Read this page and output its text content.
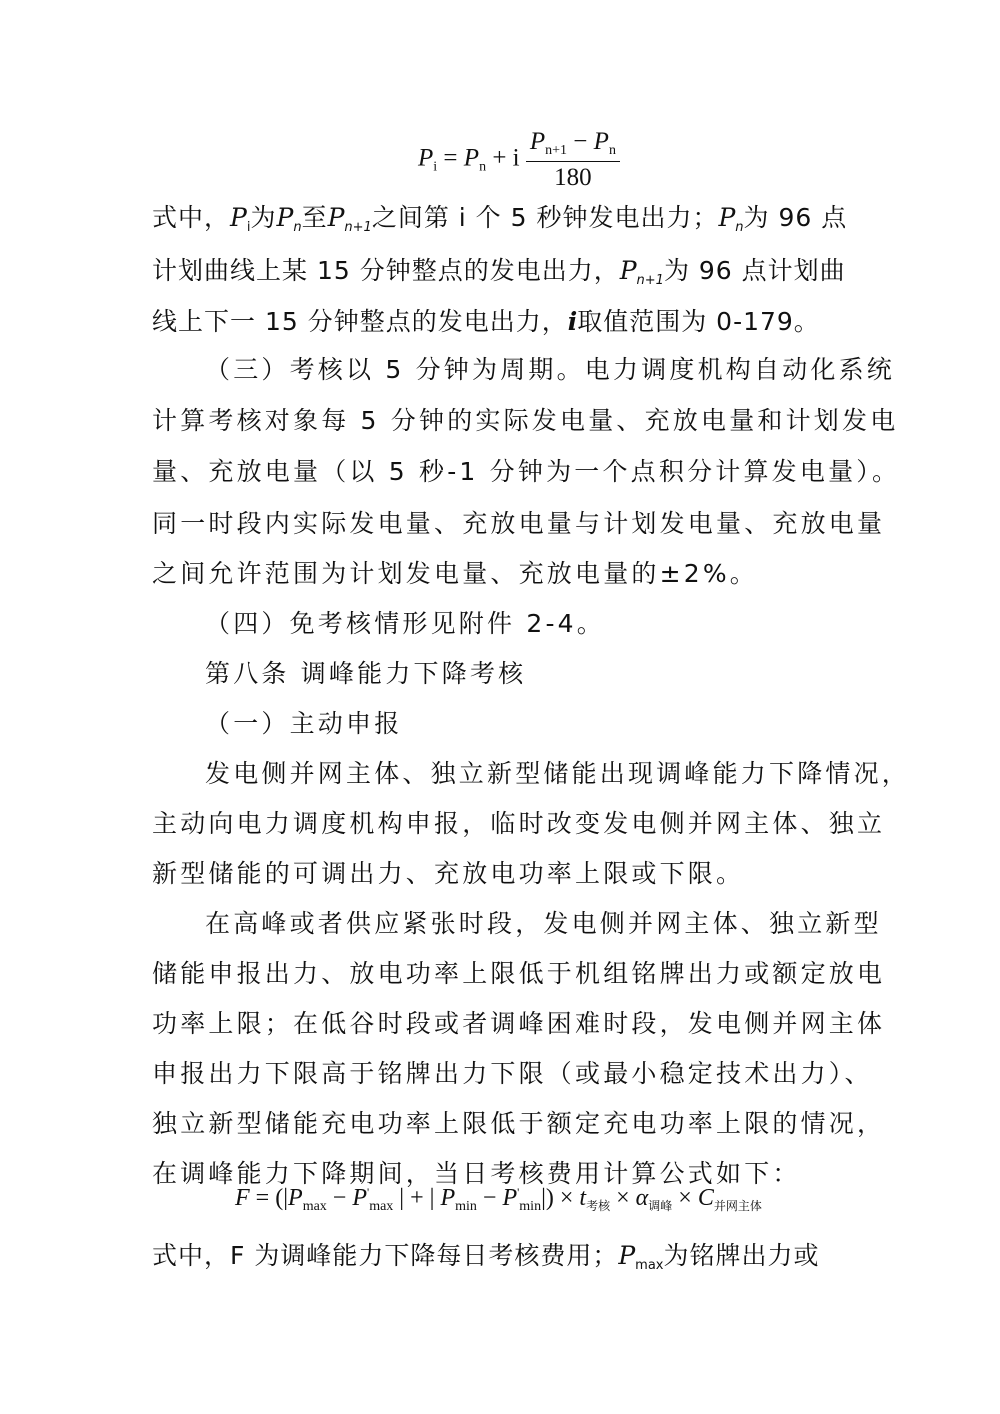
$P_i = P_n + i \frac{P_{n+1} - P_n}{180}$
式中，$P_i$为$P_n$至$P_{n+1}$之间第 i 个 5 秒钟发电出力；$P_n$为 96 点
计划曲线上某 15 分钟整点的发电出力，$P_{n+1}$为 96 点计划曲
线上下一 15 分钟整点的发电出力，i取值范围为 0-179。
（三）考核以 5 分钟为周期。电力调度机构自动化系统
计算考核对象每 5 分钟的实际发电量、充放电量和计划发电
量、充放电量（以 5 秒-1 分钟为一个点积分计算发电量）。
同一时段内实际发电量、充放电量与计划发电量、充放电量
之间允许范围为计划发电量、充放电量的±2%。
（四）免考核情形见附件 2-4。
第八条 调峰能力下降考核
（一）主动申报
发电侧并网主体、独立新型储能出现调峰能力下降情况，
主动向电力调度机构申报，临时改变发电侧并网主体、独立
新型储能的可调出力、充放电功率上限或下限。
在高峰或者供应紧张时段，发电侧并网主体、独立新型
储能申报出力、放电功率上限低于机组铭牌出力或额定放电
功率上限；在低谷时段或者调峰困难时段，发电侧并网主体
申报出力下限高于铭牌出力下限（或最小稳定技术出力）、
独立新型储能充电功率上限低于额定充电功率上限的情况，
在调峰能力下降期间，当日考核费用计算公式如下：
$F = (|P_{max} - P'_{max}$ | + | $P_{min} - P'_{min}|) \times t_{考核} \times \alpha_{调峰} \times C_{并网主体}$
式中，F 为调峰能力下降每日考核费用；$P_{max}$为铭牌出力或
